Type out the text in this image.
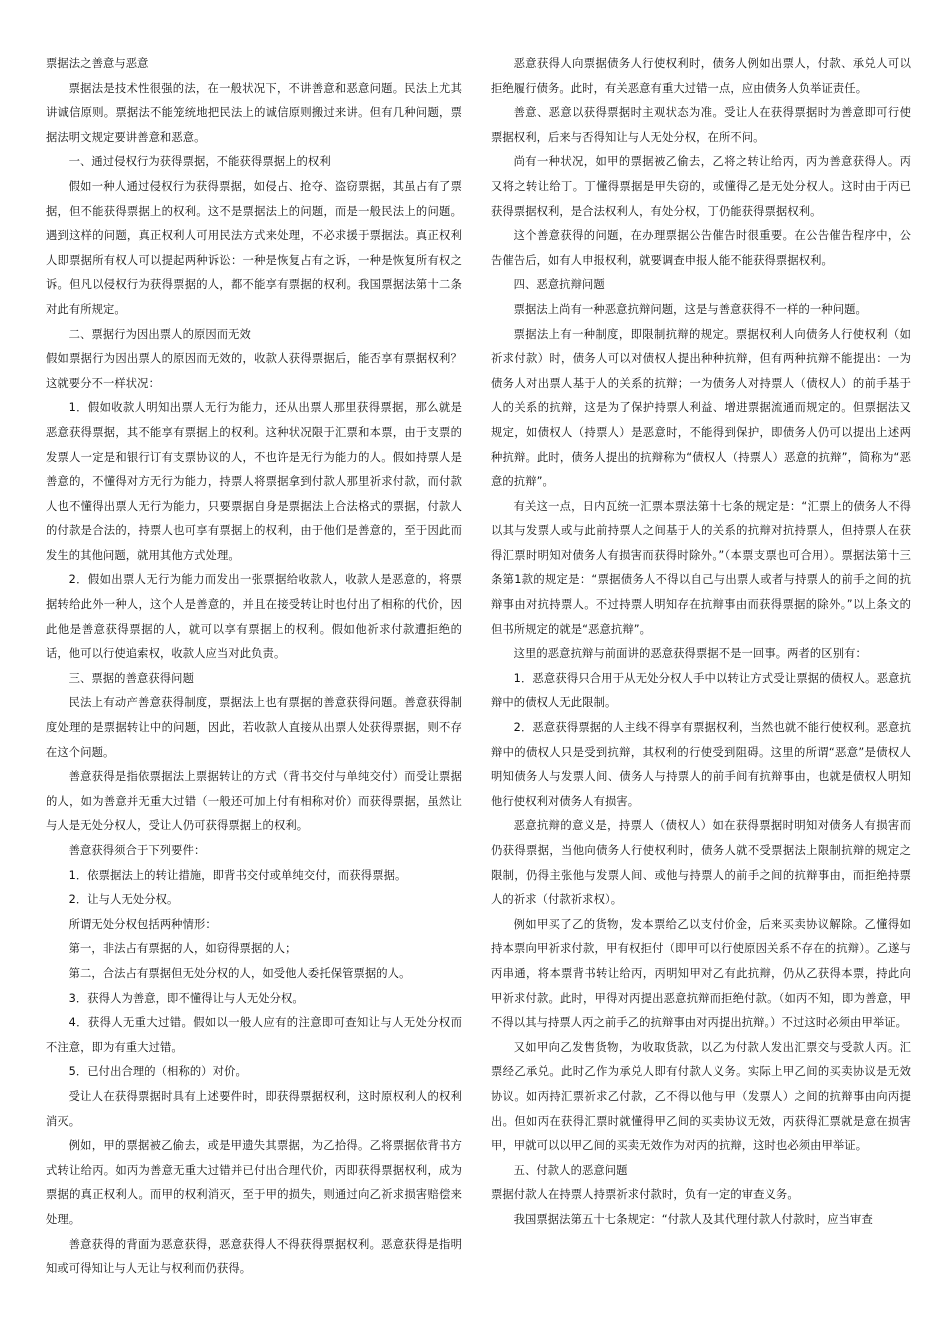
票据法之善意与恶意

票据法是技术性很强的法，在一般状况下，不讲善意和恶意问题。民法上尤其讲诚信原则。票据法不能笼统地把民法上的诚信原则搬过来讲。但有几种问题，票据法明文规定要讲善意和恶意。

一、通过侵权行为获得票据，不能获得票据上的权利

假如一种人通过侵权行为获得票据，如侵占、抢夺、盗窃票据，其虽占有了票据，但不能获得票据上的权利。这不是票据法上的问题，而是一般民法上的问题。遇到这样的问题，真正权利人可用民法方式来处理，不必求援于票据法。真正权利人即票据所有权人可以提起两种诉讼：一种是恢复占有之诉，一种是恢复所有权之诉。但凡以侵权行为获得票据的人，都不能享有票据的权利。我国票据法第十二条对此有所规定。

二、票据行为因出票人的原因而无效

假如票据行为因出票人的原因而无效的，收款人获得票据后，能否享有票据权利？这就要分不一样状况：

1．假如收款人明知出票人无行为能力，还从出票人那里获得票据，那么就是恶意获得票据，其不能享有票据上的权利。这种状况限于汇票和本票，由于支票的发票人一定是和银行订有支票协议的人，不也许是无行为能力的人。假如持票人是善意的，不懂得对方无行为能力，持票人将票据拿到付款人那里祈求付款，而付款人也不懂得出票人无行为能力，只要票据自身是票据法上合法格式的票据，付款人的付款是合法的，持票人也可享有票据上的权利，由于他们是善意的，至于因此而发生的其他问题，就用其他方式处理。

2．假如出票人无行为能力而发出一张票据给收款人，收款人是恶意的，将票据转给此外一种人，这个人是善意的，并且在接受转让时也付出了相称的代价，因此他是善意获得票据的人，就可以享有票据上的权利。假如他祈求付款遭拒绝的话，他可以行使追索权，收款人应当对此负责。

三、票据的善意获得问题

民法上有动产善意获得制度，票据法上也有票据的善意获得问题。善意获得制度处理的是票据转让中的问题，因此，若收款人直接从出票人处获得票据，则不存在这个问题。

善意获得是指依票据法上票据转让的方式（背书交付与单纯交付）而受让票据的人，如为善意并无重大过错（一般还可加上付有相称对价）而获得票据，虽然让与人是无处分权人，受让人仍可获得票据上的权利。

善意获得须合于下列要件：

1．依票据法上的转让措施，即背书交付或单纯交付，而获得票据。

2．让与人无处分权。

所谓无处分权包括两种情形：

第一，非法占有票据的人，如窃得票据的人；

第二，合法占有票据但无处分权的人，如受他人委托保管票据的人。

3．获得人为善意，即不懂得让与人无处分权。

4．获得人无重大过错。假如以一般人应有的注意即可查知让与人无处分权而不注意，即为有重大过错。

5．已付出合理的（相称的）对价。

受让人在获得票据时具有上述要件时，即获得票据权利，这时原权利人的权利消灭。

例如，甲的票据被乙偷去，或是甲遗失其票据，为乙拾得。乙将票据依背书方式转让给丙。如丙为善意无重大过错并已付出合理代价，丙即获得票据权利，成为票据的真正权利人。而甲的权利消灭，至于甲的损失，则通过向乙祈求损害赔偿来处理。

善意获得的背面为恶意获得，恶意获得人不得获得票据权利。恶意获得是指明知或可得知让与人无让与权利而仍获得。

恶意获得人向票据债务人行使权利时，债务人例如出票人，付款、承兑人可以拒绝履行债务。此时，有关恶意有重大过错一点，应由债务人负举证责任。

善意、恶意以获得票据时主观状态为准。受让人在获得票据时为善意即可行使票据权利，后来与否得知让与人无处分权，在所不问。

尚有一种状况，如甲的票据被乙偷去，乙将之转让给丙，丙为善意获得人。丙又将之转让给丁。丁懂得票据是甲失窃的，或懂得乙是无处分权人。这时由于丙已获得票据权利，是合法权利人，有处分权，丁仍能获得票据权利。

这个善意获得的问题，在办理票据公告催告时很重要。在公告催告程序中，公告催告后，如有人申报权利，就要调查申报人能不能获得票据权利。

四、恶意抗辩问题

票据法上尚有一种恶意抗辩问题，这是与善意获得不一样的一种问题。

票据法上有一种制度，即限制抗辩的规定。票据权利人向债务人行使权利（如祈求付款）时，债务人可以对债权人提出种种抗辩，但有两种抗辩不能提出：一为债务人对出票人基于人的关系的抗辩；一为债务人对持票人（债权人）的前手基于人的关系的抗辩，这是为了保护持票人利益、增进票据流通而规定的。但票据法又规定，如债权人（持票人）是恶意时，不能得到保护，即债务人仍可以提出上述两种抗辩。此时，债务人提出的抗辩称为“债权人（持票人）恶意的抗辩”，简称为“恶意的抗辩”。

有关这一点，日内瓦统一汇票本票法第十七条的规定是：“汇票上的债务人不得以其与发票人或与此前持票人之间基于人的关系的抗辩对抗持票人，但持票人在获得汇票时明知对债务人有损害而获得时除外。”（本票支票也可合用）。票据法第十三条第1款的规定是：“票据债务人不得以自己与出票人或者与持票人的前手之间的抗辩事由对抗持票人。不过持票人明知存在抗辩事由而获得票据的除外。”以上条文的但书所规定的就是“恶意抗辩”。

这里的恶意抗辩与前面讲的恶意获得票据不是一回事。两者的区别有：

1．恶意获得只合用于从无处分权人手中以转让方式受让票据的债权人。恶意抗辩中的债权人无此限制。

2．恶意获得票据的人主线不得享有票据权利，当然也就不能行使权利。恶意抗辩中的债权人只是受到抗辩，其权利的行使受到阻碍。这里的所谓“恶意”是债权人明知债务人与发票人间、债务人与持票人的前手间有抗辩事由，也就是债权人明知他行使权利对债务人有损害。

恶意抗辩的意义是，持票人（债权人）如在获得票据时明知对债务人有损害而仍获得票据，当他向债务人行使权利时，债务人就不受票据法上限制抗辩的规定之限制，仍得主张他与发票人间、或他与持票人的前手之间的抗辩事由，而拒绝持票人的祈求（付款祈求权）。

例如甲买了乙的货物，发本票给乙以支付价金，后来买卖协议解除。乙懂得如持本票向甲祈求付款，甲有权拒付（即甲可以行使原因关系不存在的抗辩）。乙遂与丙串通，将本票背书转让给丙，丙明知甲对乙有此抗辩，仍从乙获得本票，持此向甲祈求付款。此时，甲得对丙提出恶意抗辩而拒绝付款。（如丙不知，即为善意，甲不得以其与持票人丙之前手乙的抗辩事由对丙提出抗辩。）不过这时必须由甲举证。

又如甲向乙发售货物，为收取货款，以乙为付款人发出汇票交与受款人丙。汇票经乙承兑。此时乙作为承兑人即有付款人义务。实际上甲乙间的买卖协议是无效协议。如丙持汇票祈求乙付款，乙不得以他与甲（发票人）之间的抗辩事由向丙提出。但如丙在获得汇票时就懂得甲乙间的买卖协议无效，丙获得汇票就是意在损害甲，甲就可以以甲乙间的买卖无效作为对丙的抗辩，这时也必须由甲举证。

五、付款人的恶意问题

票据付款人在持票人持票祈求付款时，负有一定的审查义务。

我国票据法第五十七条规定：“付款人及其代理付款人付款时，应当审查
